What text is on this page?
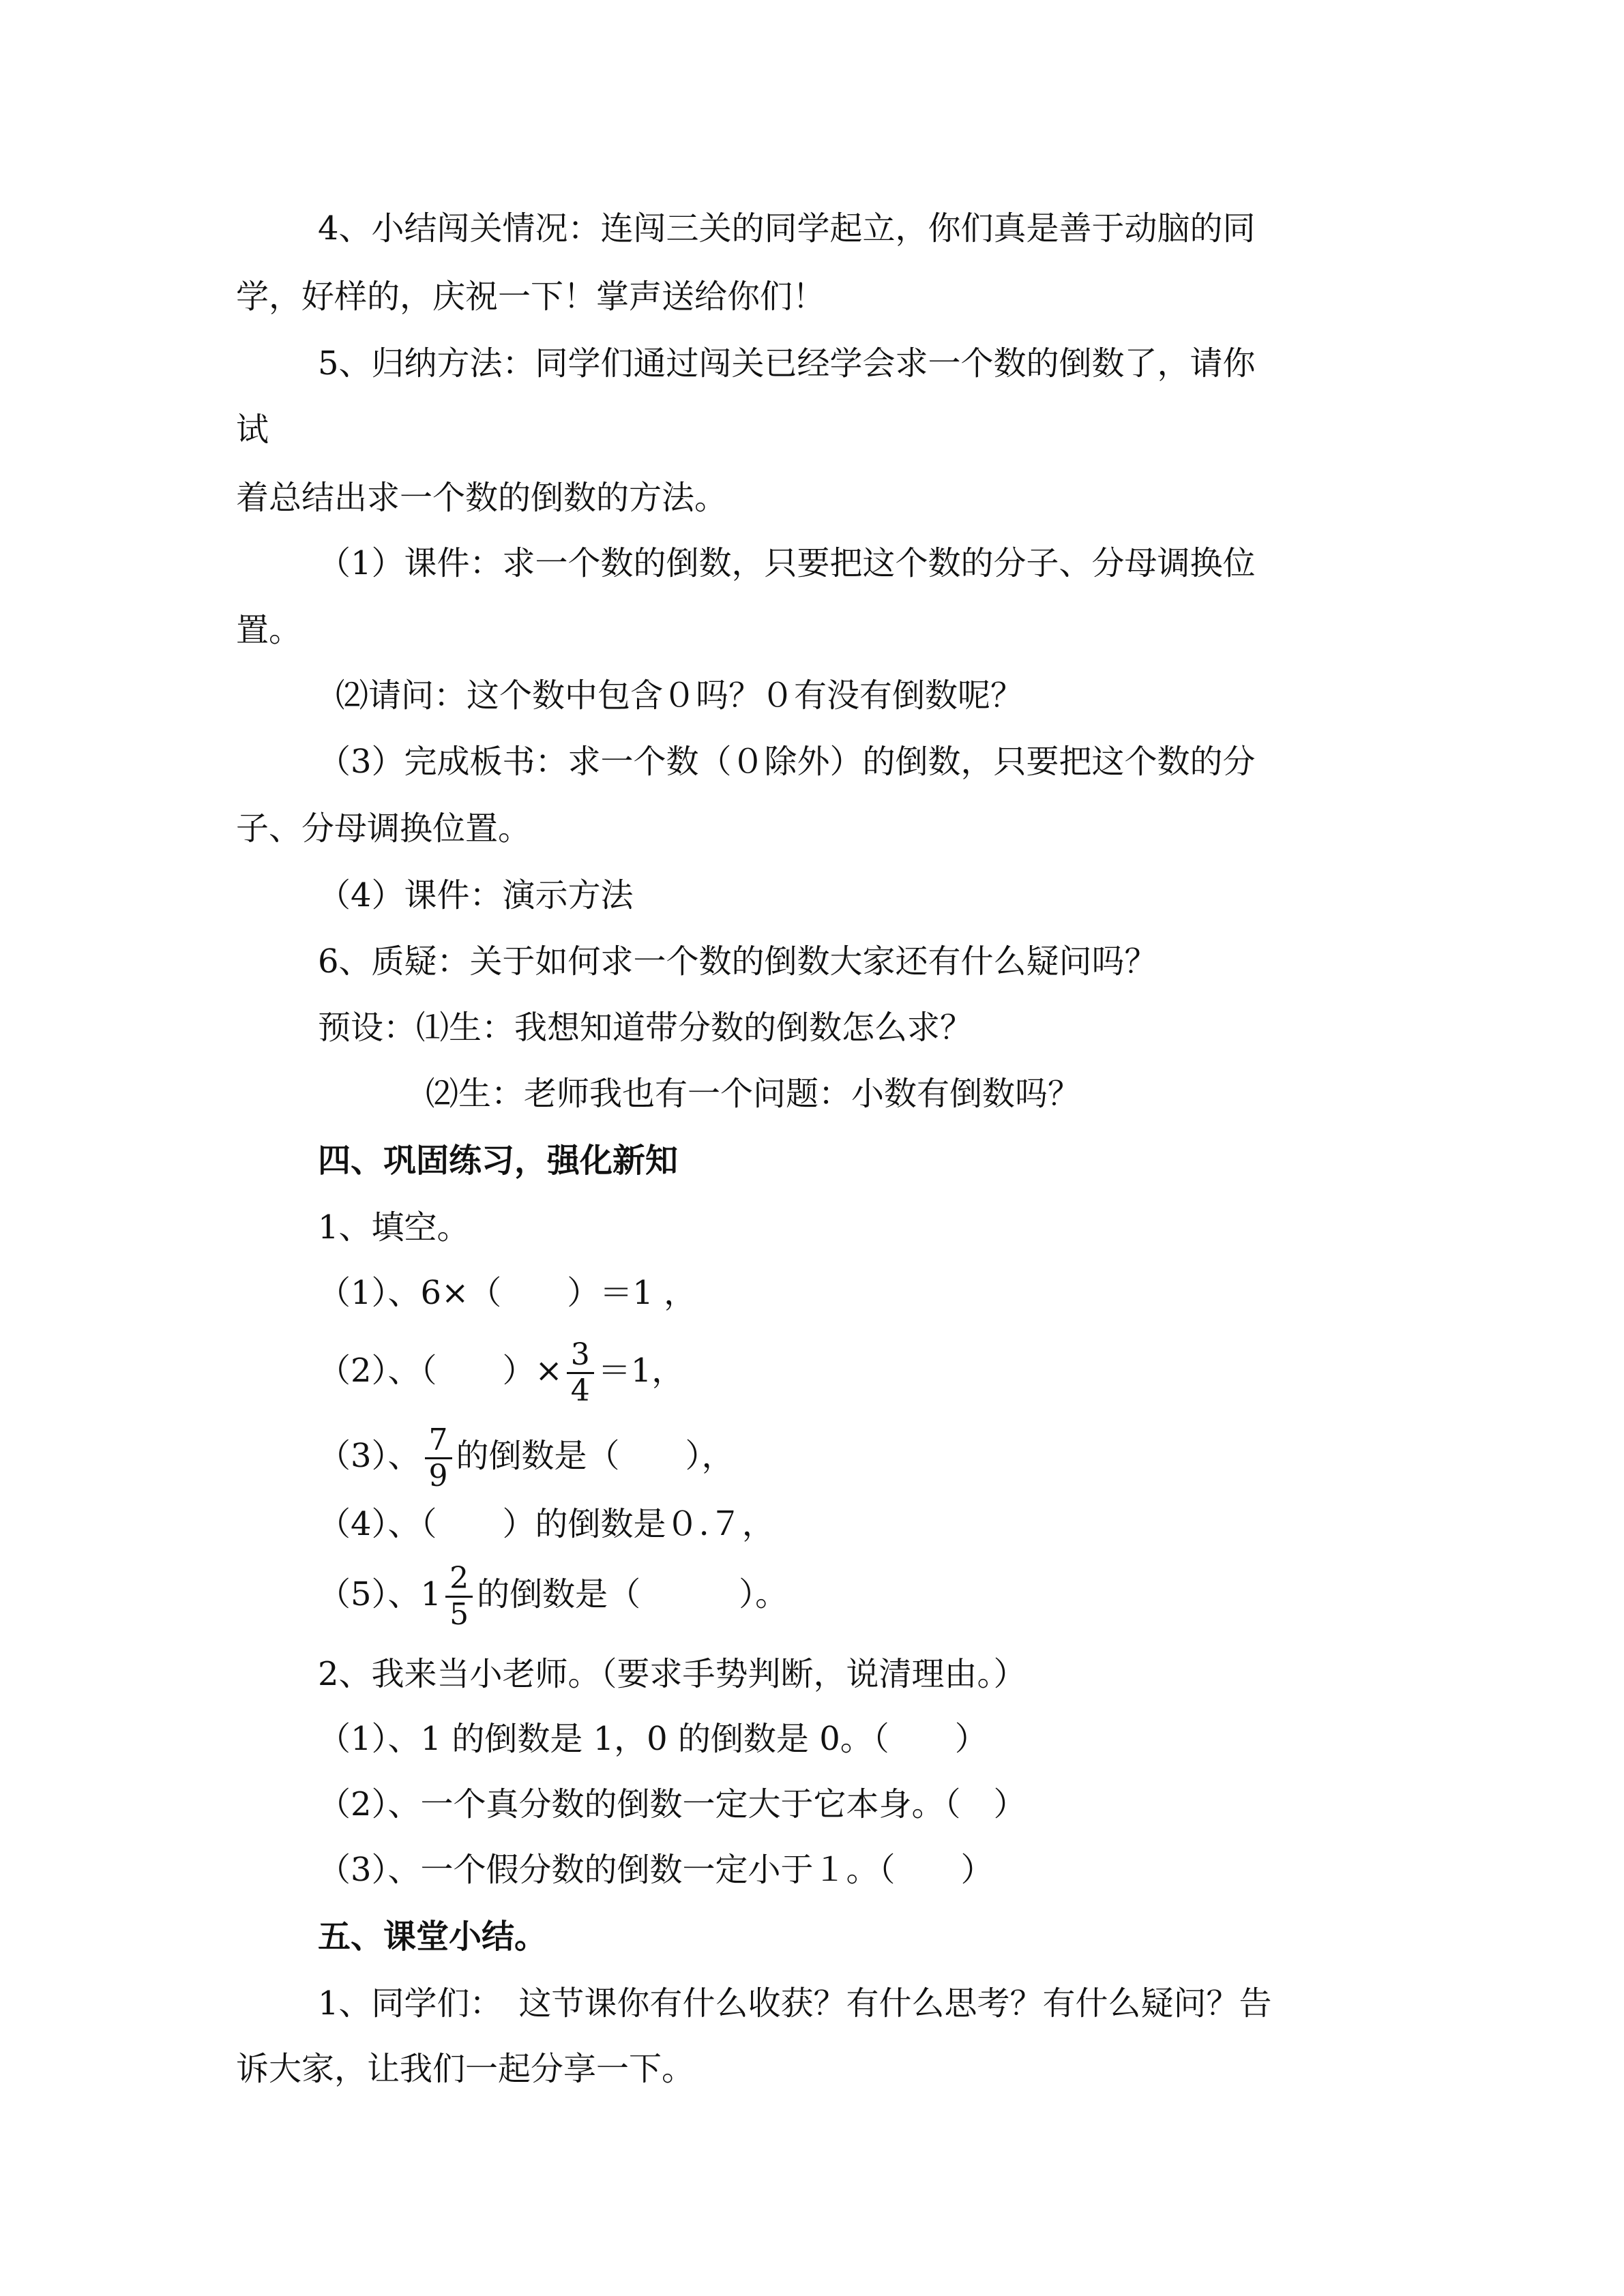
4、小结闯关情况：连闯三关的同学起立，你们真是善于动脑的同

学，好样的，庆祝一下！掌声送给你们！

5、归纳方法：同学们通过闯关已经学会求一个数的倒数了，请你

试

着总结出求一个数的倒数的方法。

（1）课件：求一个数的倒数，只要把这个数的分子、分母调换位

置。

⑵请问：这个数中包含０吗？０有没有倒数呢？

（3）完成板书：求一个数（０除外）的倒数，只要把这个数的分

子、分母调换位置。

（4）课件：演示方法

6、质疑：关于如何求一个数的倒数大家还有什么疑问吗？

预设：⑴生：我想知道带分数的倒数怎么求？

⑵生：老师我也有一个问题：小数有倒数吗？

四、巩固练习，强化新知

1、填空。

（1）、6×（　　）＝1 ，

（2）、（　　）× $\frac{3}{4} =1$，

（3）、 $\frac{7}{9}$ 的倒数是（　　），

（4）、（　　）的倒数是０.７，

（5）、$1 \frac{2}{5}$ 的倒数是（　　　）。

2、我来当小老师。（要求手势判断，说清理由。）

（1）、1 的倒数是 1，0 的倒数是 0。（　　）

（2）、一个真分数的倒数一定大于它本身。（　）

（3）、一个假分数的倒数一定小于１。（　　）

五、课堂小结。

1、同学们：　这节课你有什么收获？有什么思考？有什么疑问？告

诉大家，让我们一起分享一下。
